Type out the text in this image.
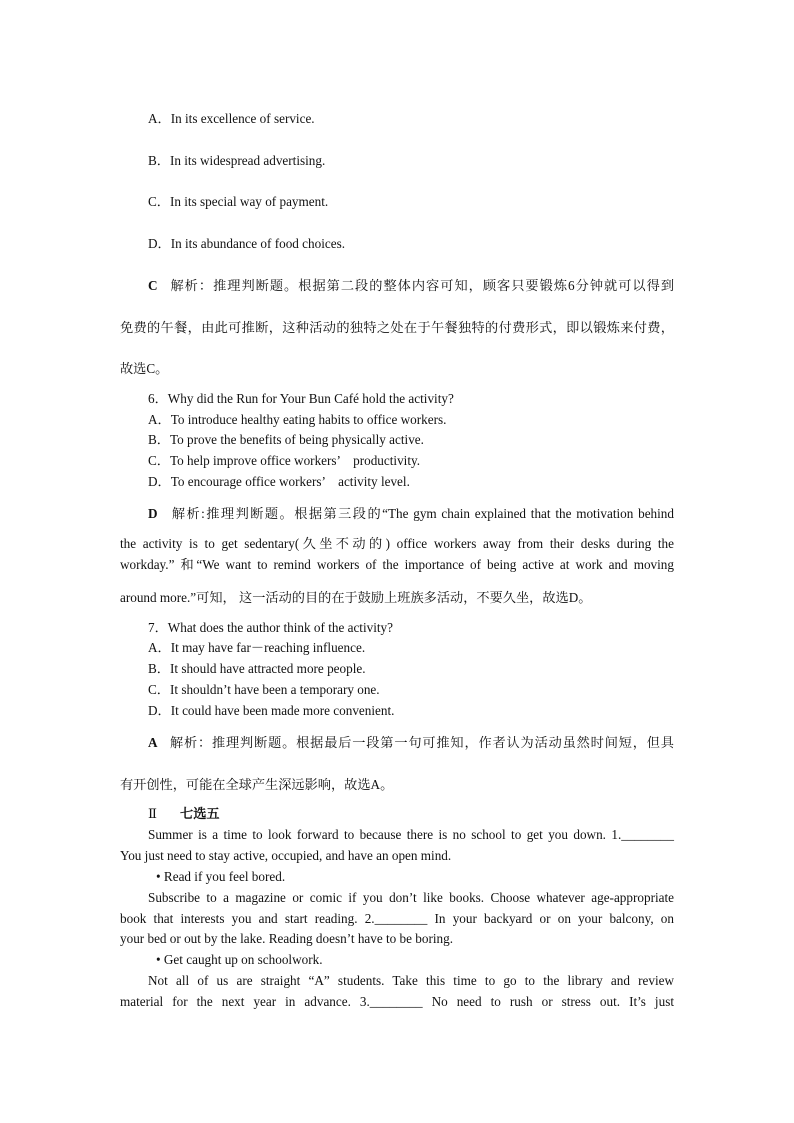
A．In its excellence of service.
B．In its widespread advertising.
C．In its special way of payment.
D．In its abundance of food choices.
C 解析：推理判断题。根据第二段的整体内容可知，顾客只要锻炼6分钟就可以得到
免费的午餐，由此可推断，这种活动的独特之处在于午餐独特的付费形式，即以锻炼来付费，
故选C。
6．Why did the Run for Your Bun Café hold the activity?
A．To introduce healthy eating habits to office workers.
B．To prove the benefits of being physically active.
C．To help improve office workers’　productivity.
D．To encourage office workers’　activity level.
D 解析:推理判断题。根据第三段的“The gym chain explained that the motivation behind
the activity is to get sedentary(久坐不动的) office workers away from their desks during the
workday.” 和“We want to remind workers of the importance of being active at work and moving
around more.”可知， 这一活动的目的在于鼓励上班族多活动，不要久坐，故选D。
7．What does the author think of the activity?
A．It may have far－reaching influence.
B．It should have attracted more people.
C．It shouldn’t have been a temporary one.
D．It could have been made more convenient.
A 解析：推理判断题。根据最后一段第一句可推知，作者认为活动虽然时间短，但具
有开创性，可能在全球产生深远影响，故选A。
Ⅱ 七选五
Summer is a time to look forward to because there is no school to get you down. 1.________
You just need to stay active, occupied, and have an open mind.
• Read if you feel bored.
Subscribe to a magazine or comic if you don’t like books. Choose whatever age-appropriate
book that interests you and start reading. 2.________ In your backyard or on your balcony, on
your bed or out by the lake. Reading doesn’t have to be boring.
• Get caught up on schoolwork.
Not all of us are straight “A” students. Take this time to go to the library and review
material for the next year in advance. 3.________ No need to rush or stress out. It’s just
